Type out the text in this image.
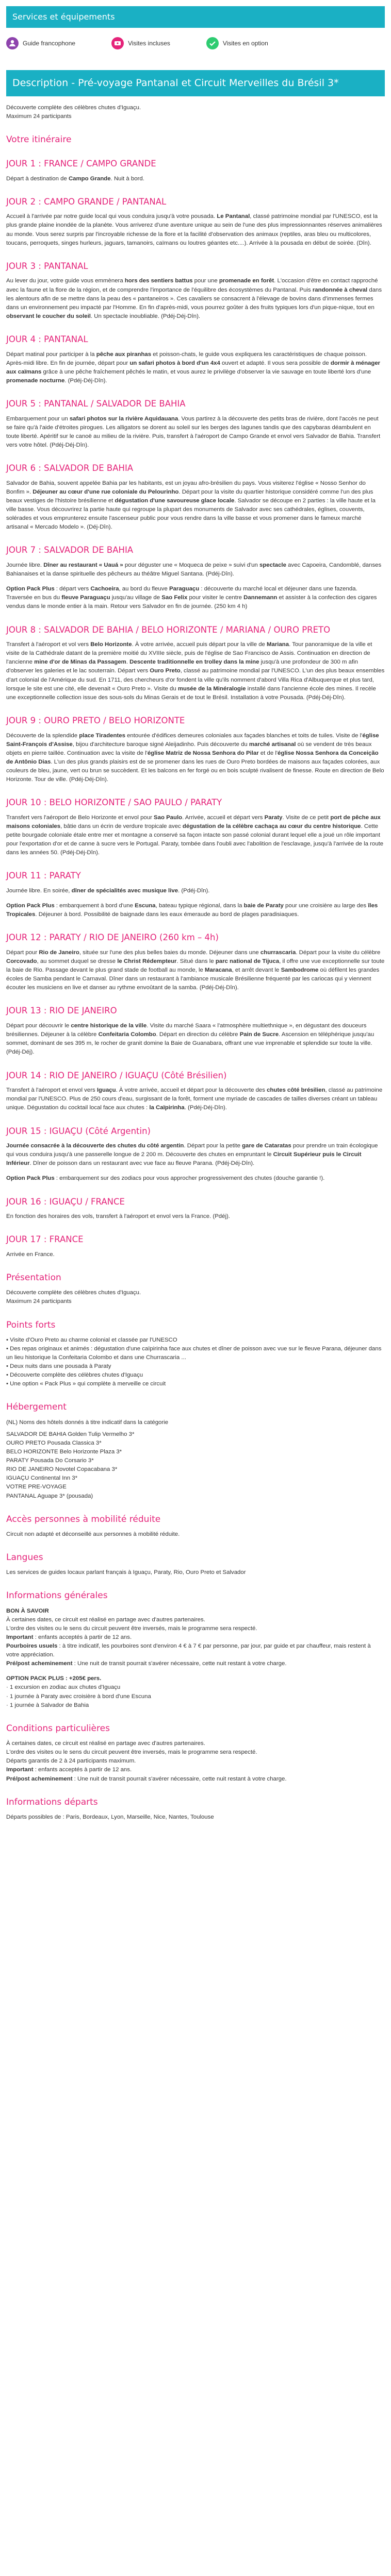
Services et équipements
Guide francophone	Visites incluses	Visites en option
Description - Pré-voyage Pantanal et Circuit Merveilles du Brésil 3*

Découverte complète des célèbres chutes d'Iguaçu.

Maximum 24 participants

Votre itinéraire
JOUR 1 : FRANCE / CAMPO GRANDE

Départ à destination de Campo Grande. Nuit à bord.

JOUR 2 : CAMPO GRANDE / PANTANAL

Accueil à l'arrivée par notre guide local qui vous conduira jusqu'à votre pousada. Le Pantanal, classé patrimoine mondial par l'UNESCO, est la plus grande plaine inondée de la planète. Vous arriverez d'une aventure unique au sein de l'une des plus impressionnantes réserves animalières au monde. Vous serez surpris par l'incroyable richesse de la flore et la facilité d'observation des animaux (reptiles, aras bleu ou multicolores, toucans, perroquets, singes hurleurs, jaguars, tamanoirs, caïmans ou loutres géantes etc....). Arrivée à la pousada en début de soirée. (Dîn).

JOUR 3 : PANTANAL

Au lever du jour, votre guide vous emmènera hors des sentiers battus pour une promenade en forêt. L'occasion d'être en contact rapproché avec la faune et la flore de la région, et de comprendre l'importance de l'équilibre des écosystèmes du Pantanal. Puis randonnée à cheval dans les alentours afin de se mettre dans la peau des « pantaneiros ». Ces cavaliers se consacrent à l'élevage de bovins dans d'immenses fermes dans un environnement peu impacté par l'Homme. En fin d'après-midi, vous pourrez goûter à des fruits typiques lors d'un pique-nique, tout en observant le coucher du soleil. Un spectacle inoubliable. (Pdéj-Déj-Dîn).

JOUR 4 : PANTANAL

Départ matinal pour participer à la pêche aux piranhas et poisson-chats, le guide vous expliquera les caractéristiques de chaque poisson. Après-midi libre. En fin de journée, départ pour un safari photos à bord d'un 4x4 ouvert et adapté. Il vous sera possible de dormir à ménager aux caïmans grâce à une pêche fraîchement pêchés le matin, et vous aurez le privilège d'observer la vie sauvage en toute liberté lors d'une promenade nocturne. (Pdéj-Déj-Dîn).

JOUR 5 : PANTANAL / SALVADOR DE BAHIA

Embarquement pour un safari photos sur la rivière Aquidauana. Vous partirez à la découverte des petits bras de rivière, dont l'accès ne peut se faire qu'à l'aide d'étroites pirogues. Les alligators se dorent au soleil sur les berges des lagunes tandis que des capybaras déambulent en toute liberté. Apéritif sur le canoë au milieu de la rivière. Puis, transfert à l'aéroport de Campo Grande et envol vers Salvador de Bahia. Transfert vers votre hôtel. (Pdéj-Déj-Dîn).

JOUR 6 : SALVADOR DE BAHIA

Salvador de Bahia, souvent appelée Bahia par les habitants, est un joyau afro-brésilien du pays. Vous visiterez l'église « Nosso Senhor do Bonfim ». Déjeuner au cœur d'une rue coloniale du Pelourinho. Départ pour la visite du quartier historique considéré comme l'un des plus beaux vestiges de l'histoire brésilienne et dégustation d'une savoureuse glace locale. Salvador se découpe en 2 parties : la ville haute et la ville basse. Vous découvrirez la partie haute qui regroupe la plupart des monuments de Salvador avec ses cathédrales, églises, couvents, solérades et vous emprunterez ensuite l'ascenseur public pour vous rendre dans la ville basse et vous promener dans le fameux marché artisanal « Mercado Modelo ». (Déj-Dîn).

JOUR 7 : SALVADOR DE BAHIA

Journée libre. Dîner au restaurant « Uauá » pour déguster une « Moqueca de peixe » suivi d'un spectacle avec Capoeira, Candomblé, danses Bahianaises et la danse spirituelle des pêcheurs au théâtre Miguel Santana. (Pdéj-Dîn).

Option Pack Plus : départ vers Cachoeira, au bord du fleuve Paraguaçu : découverte du marché local et déjeuner dans une fazenda. Traversée en bus du fleuve Paraguaçu jusqu'au village de Sao Felix pour visiter le centre Dannemann et assister à la confection des cigares vendus dans le monde entier à la main. Retour vers Salvador en fin de journée. (250 km 4 h)

JOUR 8 : SALVADOR DE BAHIA / BELO HORIZONTE / MARIANA / OURO PRETO

Transfert à l'aéroport et vol vers Belo Horizonte. À votre arrivée, accueil puis départ pour la ville de Mariana. Tour panoramique de la ville et visite de la Cathédrale datant de la première moitié du XVIIIe siècle, puis de l'église de Sao Francisco de Assis. Continuation en direction de l'ancienne mine d'or de Minas da Passagem. Descente traditionnelle en trolley dans la mine jusqu'à une profondeur de 300 m afin d'observer les galeries et le lac souterrain. Départ vers Ouro Preto, classé au patrimoine mondial par l'UNESCO. L'un des plus beaux ensembles d'art colonial de l'Amérique du sud. En 1711, des chercheurs d'or fondent la ville qu'ils nomment d'abord Villa Rica d'Albuquerque et plus tard, lorsque le site est une cité, elle devenait « Ouro Preto ». Visite du musée de la Minéralogie installé dans l'ancienne école des mines. Il recèle une exceptionnelle collection issue des sous-sols du Minas Gerais et de tout le Brésil. Installation à votre Pousada. (Pdéj-Déj-Dîn).

JOUR 9 : OURO PRETO / BELO HORIZONTE

Découverte de la splendide place Tiradentes entourée d'édifices demeures coloniales aux façades blanches et toits de tuiles. Visite de l'église Saint-François d'Assise, bijou d'architecture baroque signé Aleijadinho. Puis découverte du marché artisanal où se vendent de très beaux objets en pierre taillée. Continuation avec la visite de l'église Matriz de Nossa Senhora do Pilar et de l'église Nossa Senhora da Conceição de Antônio Dias. L'un des plus grands plaisirs est de se promener dans les rues de Ouro Preto bordées de maisons aux façades colorées, aux couleurs de bleu, jaune, vert ou brun se succèdent. Et les balcons en fer forgé ou en bois sculpté rivalisent de finesse. Route en direction de Belo Horizonte. Tour de ville. (Pdéj-Déj-Dîn).

JOUR 10 : BELO HORIZONTE / SAO PAULO / PARATY

Transfert vers l'aéroport de Belo Horizonte et envol pour Sao Paulo. Arrivée, accueil et départ vers Paraty. Visite de ce petit port de pêche aux maisons coloniales, bâtie dans un écrin de verdure tropicale avec dégustation de la célèbre cachaça au cœur du centre historique. Cette petite bourgade coloniale étale entre mer et montagne a conservé sa façon intacte son passé colonial durant lequel elle a joué un rôle important pour l'exportation d'or et de canne à sucre vers le Portugal. Paraty, tombée dans l'oubli avec l'abolition de l'esclavage, jusqu'à l'arrivée de la route dans les années 50. (Pdéj-Déj-Dîn).

JOUR 11 : PARATY

Journée libre. En soirée, dîner de spécialités avec musique live. (Pdéj-Dîn).

Option Pack Plus : embarquement à bord d'une Escuna, bateau typique régional, dans la baie de Paraty pour une croisière au large des îles Tropicales. Déjeuner à bord. Possibilité de baignade dans les eaux émeraude au bord de plages paradisiaques.

JOUR 12 : PARATY / RIO DE JANEIRO (260 km – 4h)

Départ pour Rio de Janeiro, située sur l'une des plus belles baies du monde. Déjeuner dans une churrascaria. Départ pour la visite du célèbre Corcovado, au sommet duquel se dresse le Christ Rédempteur. Situé dans le parc national de Tijuca, il offre une vue exceptionnelle sur toute la baie de Rio. Passage devant le plus grand stade de football au monde, le Maracana, et arrêt devant le Sambodrome où défilent les grandes écoles de Samba pendant le Carnaval. Dîner dans un restaurant à l'ambiance musicale Brésilienne fréquenté par les cariocas qui y viennent écouter les musiciens en live et danser au rythme envoûtant de la samba. (Pdéj-Déj-Dîn).

JOUR 13 : RIO DE JANEIRO

Départ pour découvrir le centre historique de la ville. Visite du marché Saara « l'atmosphère multiethnique », en dégustant des douceurs brésiliennes. Déjeuner à la célèbre Confeitaria Colombo. Départ en direction du célèbre Pain de Sucre. Ascension en téléphérique jusqu'au sommet, dominant de ses 395 m, le rocher de granit domine la Baie de Guanabara, offrant une vue imprenable et splendide sur toute la ville. (Pdéj-Déj).

JOUR 14 : RIO DE JANEIRO / IGUAÇU (Côté Brésilien)

Transfert à l'aéroport et envol vers Iguaçu. À votre arrivée, accueil et départ pour la découverte des chutes côté brésilien, classé au patrimoine mondial par l'UNESCO. Plus de 250 cours d'eau, surgissant de la forêt, forment une myriade de cascades de tailles diverses créant un tableau unique. Dégustation du cocktail local face aux chutes : la Caïpirinha. (Pdéj-Déj-Dîn).

JOUR 15 : IGUAÇU (Côté Argentin)

Journée consacrée à la découverte des chutes du côté argentin. Départ pour la petite gare de Cataratas pour prendre un train écologique qui vous conduira jusqu'à une passerelle longue de 2 200 m. Découverte des chutes en empruntant le Circuit Supérieur puis le Circuit Inférieur. Dîner de poisson dans un restaurant avec vue face au fleuve Parana. (Pdéj-Déj-Dîn).

Option Pack Plus : embarquement sur des zodiacs pour vous approcher progressivement des chutes (douche garantie !).

JOUR 16 : IGUAÇU / FRANCE

En fonction des horaires des vols, transfert à l'aéroport et envol vers la France. (Pdéj).

JOUR 17 : FRANCE

Arrivée en France.

Présentation

Découverte complète des célèbres chutes d'Iguaçu.

Maximum 24 participants

Points forts

• Visite d'Ouro Preto au charme colonial et classée par l'UNESCO

• Des repas originaux et animés : dégustation d'une caïpirinha face aux chutes et dîner de poisson avec vue sur le fleuve Parana, déjeuner dans un lieu historique la Confeitaria Colombo et dans une Churrascaria ...

• Deux nuits dans une pousada à Paraty

• Découverte complète des célèbres chutes d'Iguaçu

• Une option « Pack Plus » qui complète à merveille ce circuit

Hébergement

(NL) Noms des hôtels donnés à titre indicatif dans la catégorie

SALVADOR DE BAHIA Golden Tulip Vermelho 3*

OURO PRETO Pousada Classica 3*

BELO HORIZONTE Belo Horizonte Plaza 3*

PARATY Pousada Do Corsario 3*

RIO DE JANEIRO Novotel Copacabana 3*

IGUAÇU Continental Inn 3*

VOTRE PRE-VOYAGE

PANTANAL Aguape 3* (pousada)

Accès personnes à mobilité réduite

Circuit non adapté et déconseillé aux personnes à mobilité réduite.

Langues

Les services de guides locaux parlant français à Iguaçu, Paraty, Rio, Ouro Preto et Salvador

Informations générales

BON À SAVOIR

À certaines dates, ce circuit est réalisé en partage avec d'autres partenaires.

L'ordre des visites ou le sens du circuit peuvent être inversés, mais le programme sera respecté.

Important : enfants acceptés à partir de 12 ans.

Pourboires usuels : à titre indicatif, les pourboires sont d'environ 4 € à 7 € par personne, par jour, par guide et par chauffeur, mais restent à votre appréciation.

Pré/post acheminement : Une nuit de transit pourrait s'avérer nécessaire, cette nuit restant à votre charge.

OPTION PACK PLUS : +205€ pers.

· 1 excursion en zodiac aux chutes d'Iguaçu

· 1 journée à Paraty avec croisière à bord d'une Escuna

· 1 journée à Salvador de Bahia

Conditions particulières

À certaines dates, ce circuit est réalisé en partage avec d'autres partenaires.

L'ordre des visites ou le sens du circuit peuvent être inversés, mais le programme sera respecté.

Départs garantis de 2 à 24 participants maximum.

Important : enfants acceptés à partir de 12 ans.

Pré/post acheminement : Une nuit de transit pourrait s'avérer nécessaire, cette nuit restant à votre charge.

Informations départs

Départs possibles de : Paris, Bordeaux, Lyon, Marseille, Nice, Nantes, Toulouse
